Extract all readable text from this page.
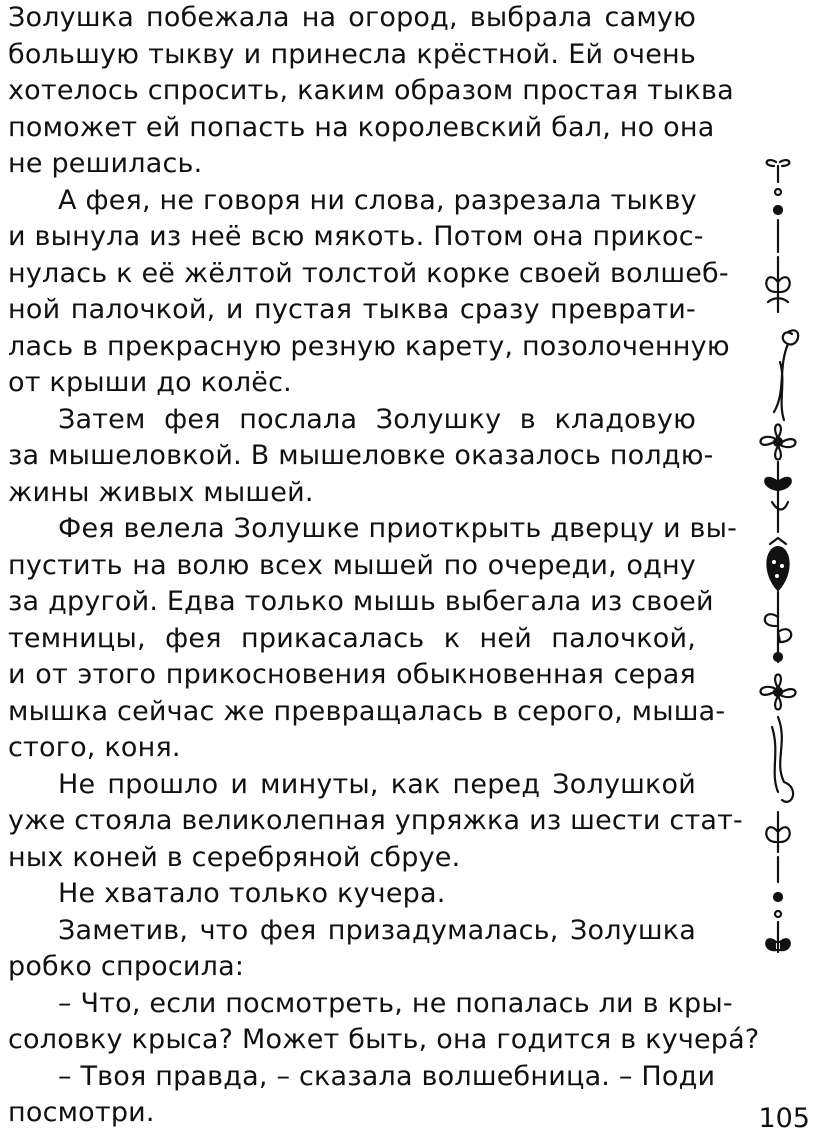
Золушка побежала на огород, выбрала самую
большую тыкву и принесла крёстной. Ей очень
хотелось спросить, каким образом простая тыква
поможет ей попасть на королевский бал, но она
не решилась.
А фея, не говоря ни слова, разрезала тыкву
и вынула из неё всю мякоть. Потом она прикос-
нулась к её жёлтой толстой корке своей волшеб-
ной палочкой, и пустая тыква сразу преврати-
лась в прекрасную резную карету, позолоченную
от крыши до колёс.
Затем фея послала Золушку в кладовую
за мышеловкой. В мышеловке оказалось полдю-
жины живых мышей.
Фея велела Золушке приоткрыть дверцу и вы-
пустить на волю всех мышей по очереди, одну
за другой. Едва только мышь выбегала из своей
темницы, фея прикасалась к ней палочкой,
и от этого прикосновения обыкновенная серая
мышка сейчас же превращалась в серого, мыша-
стого, коня.
Не прошло и минуты, как перед Золушкой
уже стояла великолепная упряжка из шести стат-
ных коней в серебряной сбруе.
Не хватало только кучера.
Заметив, что фея призадумалась, Золушка
робко спросила:
– Что, если посмотреть, не попалась ли в кры-
соловку крыса? Может быть, она годится в кучера́?
– Твоя правда, – сказала волшебница. – Поди
посмотри.	105
